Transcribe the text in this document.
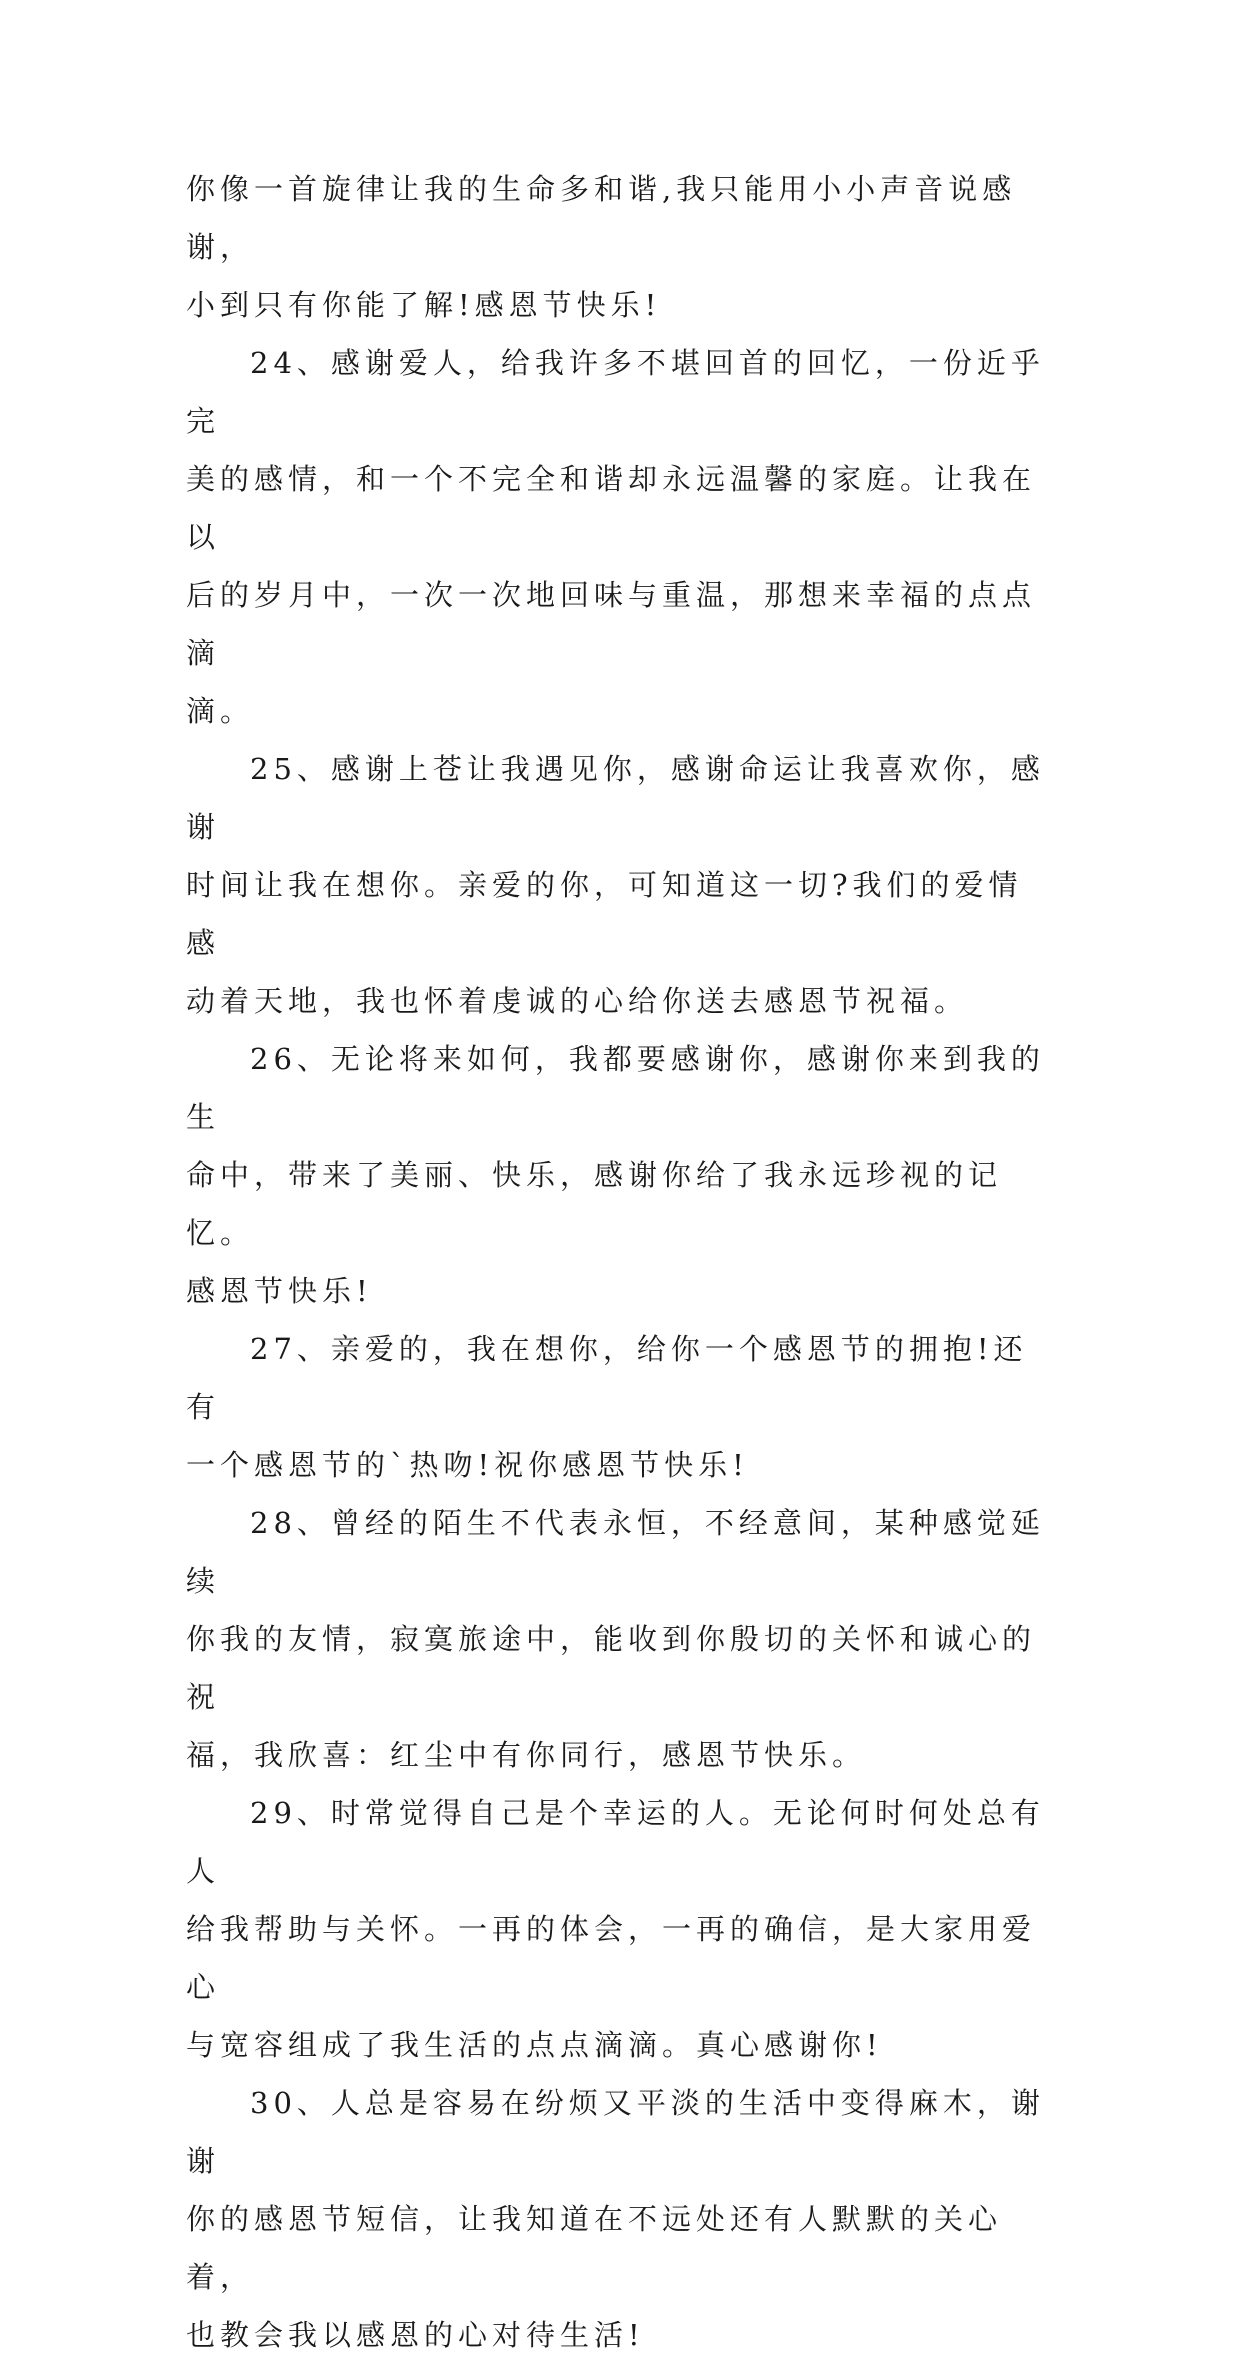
你像一首旋律让我的生命多和谐,我只能用小小声音说感谢，
小到只有你能了解!感恩节快乐!

24、感谢爱人，给我许多不堪回首的回忆，一份近乎完
美的感情，和一个不完全和谐却永远温馨的家庭。让我在以
后的岁月中，一次一次地回味与重温，那想来幸福的点点滴
滴。

25、感谢上苍让我遇见你，感谢命运让我喜欢你，感谢
时间让我在想你。亲爱的你，可知道这一切?我们的爱情感
动着天地，我也怀着虔诚的心给你送去感恩节祝福。

26、无论将来如何，我都要感谢你，感谢你来到我的生
命中，带来了美丽、快乐，感谢你给了我永远珍视的记忆。
感恩节快乐!

27、亲爱的，我在想你，给你一个感恩节的拥抱!还有
一个感恩节的`热吻!祝你感恩节快乐!

28、曾经的陌生不代表永恒，不经意间，某种感觉延续
你我的友情，寂寞旅途中，能收到你殷切的关怀和诚心的祝
福，我欣喜：红尘中有你同行，感恩节快乐。

29、时常觉得自己是个幸运的人。无论何时何处总有人
给我帮助与关怀。一再的体会，一再的确信，是大家用爱心
与宽容组成了我生活的点点滴滴。真心感谢你!

30、人总是容易在纷烦又平淡的生活中变得麻木，谢谢
你的感恩节短信，让我知道在不远处还有人默默的关心着，
也教会我以感恩的心对待生活!
